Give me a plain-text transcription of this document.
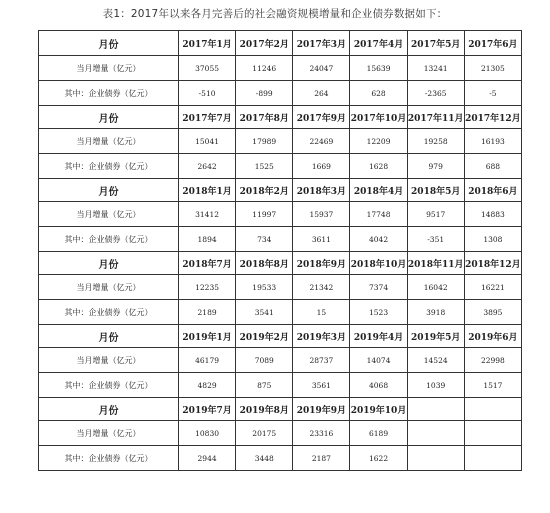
表1：2017年以来各月完善后的社会融资规模增量和企业债券数据如下：
月份	2017年1月	2017年2月	2017年3月	2017年4月	2017年5月	2017年6月
当月增量（亿元）	37055	11246	24047	15639	13241	21305
其中：企业债券（亿元）	-510	-899	264	628	-2365	-5
月份	2017年7月	2017年8月	2017年9月	2017年10月	2017年11月	2017年12月
当月增量（亿元）	15041	17989	22469	12209	19258	16193
其中：企业债券（亿元）	2642	1525	1669	1628	979	688
月份	2018年1月	2018年2月	2018年3月	2018年4月	2018年5月	2018年6月
当月增量（亿元）	31412	11997	15937	17748	9517	14883
其中：企业债券（亿元）	1894	734	3611	4042	-351	1308
月份	2018年7月	2018年8月	2018年9月	2018年10月	2018年11月	2018年12月
当月增量（亿元）	12235	19533	21342	7374	16042	16221
其中：企业债券（亿元）	2189	3541	15	1523	3918	3895
月份	2019年1月	2019年2月	2019年3月	2019年4月	2019年5月	2019年6月
当月增量（亿元）	46179	7089	28737	14074	14524	22998
其中：企业债券（亿元）	4829	875	3561	4068	1039	1517
月份	2019年7月	2019年8月	2019年9月	2019年10月		
当月增量（亿元）	10830	20175	23316	6189		
其中：企业债券（亿元）	2944	3448	2187	1622		
